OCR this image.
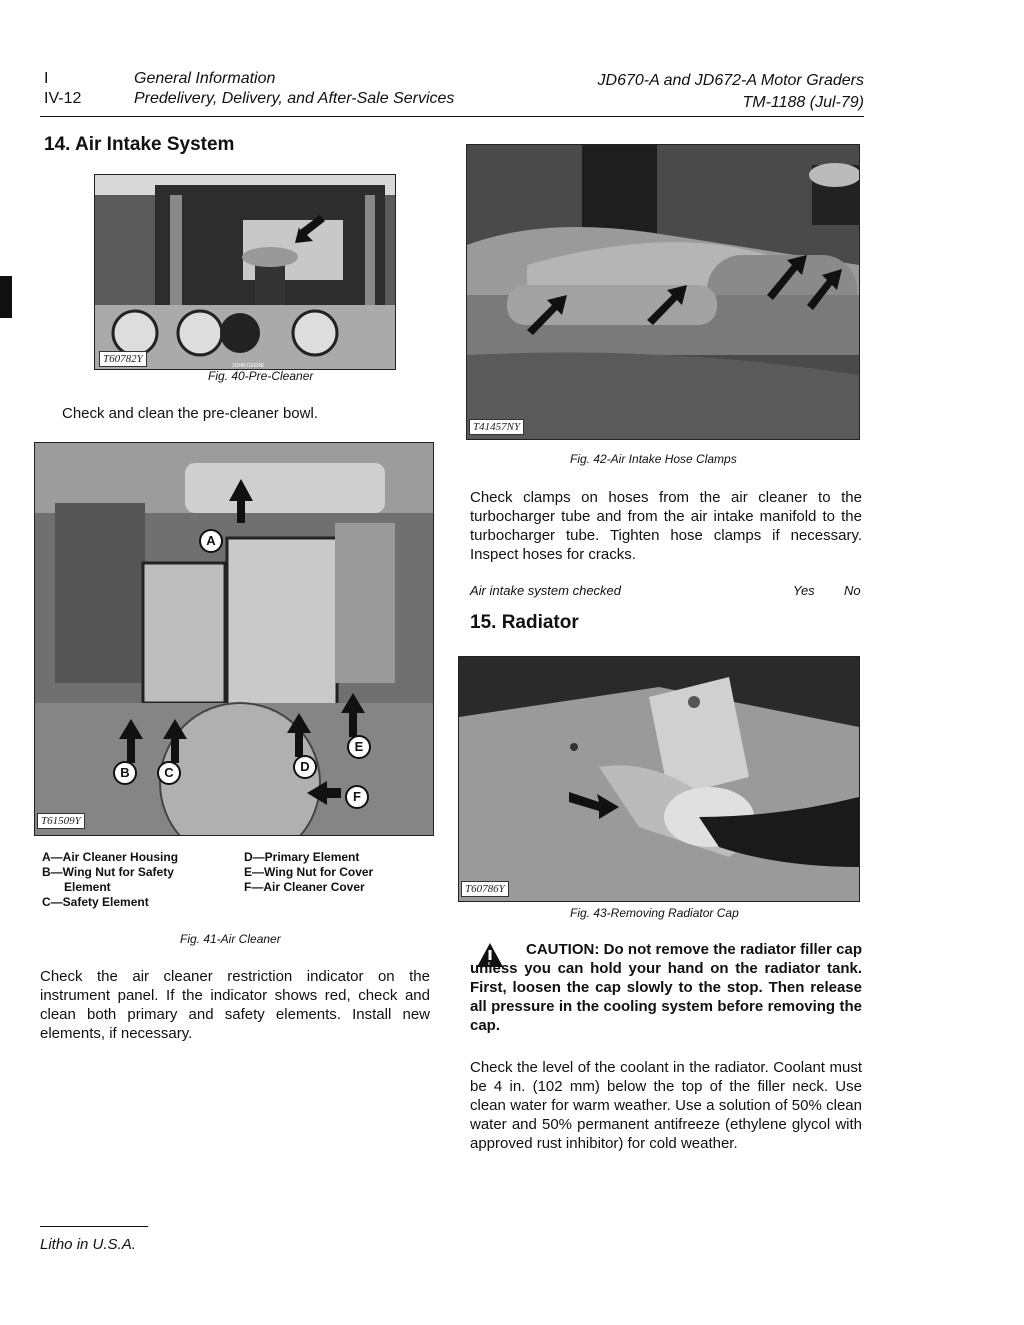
I
IV-12
General Information
Predelivery, Delivery, and After-Sale Services
JD670-A and JD672-A Motor Graders
TM-1188 (Jul-79)
14. Air Intake System
JOHN DEERE
T60782Y
Fig. 40-Pre-Cleaner
Check and clean the pre-cleaner bowl.
T41457NY
Fig. 42-Air Intake Hose Clamps
Check clamps on hoses from the air cleaner to the turbocharger tube and from the air intake manifold to the turbocharger tube. Tighten hose clamps if necessary. Inspect hoses for cracks.
Air intake system checked	Yes No
A
B	C	D
E
F
T61509Y
A—Air Cleaner Housing
B—Wing Nut for Safety
Element
C—Safety Element
D—Primary Element
E—Wing Nut for Cover
F—Air Cleaner Cover
Fig. 41-Air Cleaner
Check the air cleaner restriction indicator on the instrument panel. If the indicator shows red, check and clean both primary and safety elements. Install new elements, if necessary.
15. Radiator
T60786Y
Fig. 43-Removing Radiator Cap
CAUTION: Do not remove the radiator filler cap unless you can hold your hand on the radiator tank. First, loosen the cap slowly to the stop. Then release all pressure in the cooling system before removing the cap.
Check the level of the coolant in the radiator. Coolant must be 4 in. (102 mm) below the top of the filler neck. Use clean water for warm weather. Use a solution of 50% clean water and 50% permanent antifreeze (ethylene glycol with approved rust inhibitor) for cold weather.
Litho in U.S.A.
